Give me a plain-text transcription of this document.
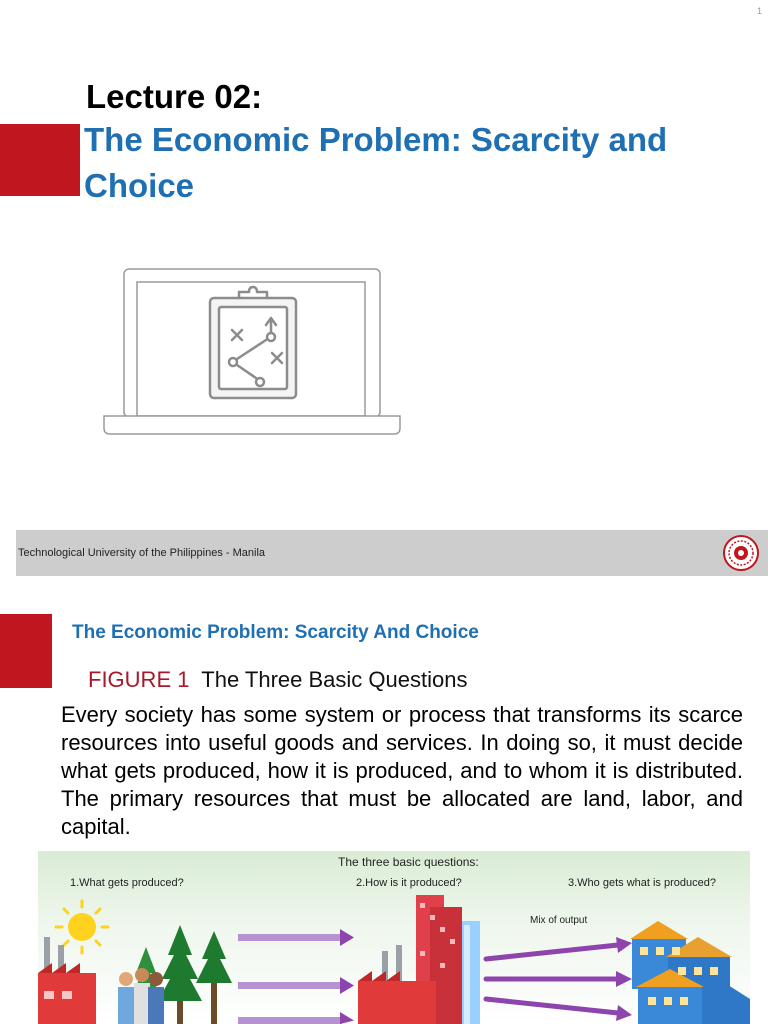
1
Lecture 02:
The Economic Problem: Scarcity and Choice
Technological University of the Philippines - Manila
The Economic Problem: Scarcity And Choice
FIGURE 1 The Three Basic Questions
Every society has some system or process that transforms its scarce resources into useful goods and services. In doing so, it must decide what gets produced, how it is produced, and to whom it is distributed. The primary resources that must be allocated are land, labor, and capital.
The three basic questions:
1.What gets produced?	2.How is it produced?	3.Who gets what is produced?
Mix of output
